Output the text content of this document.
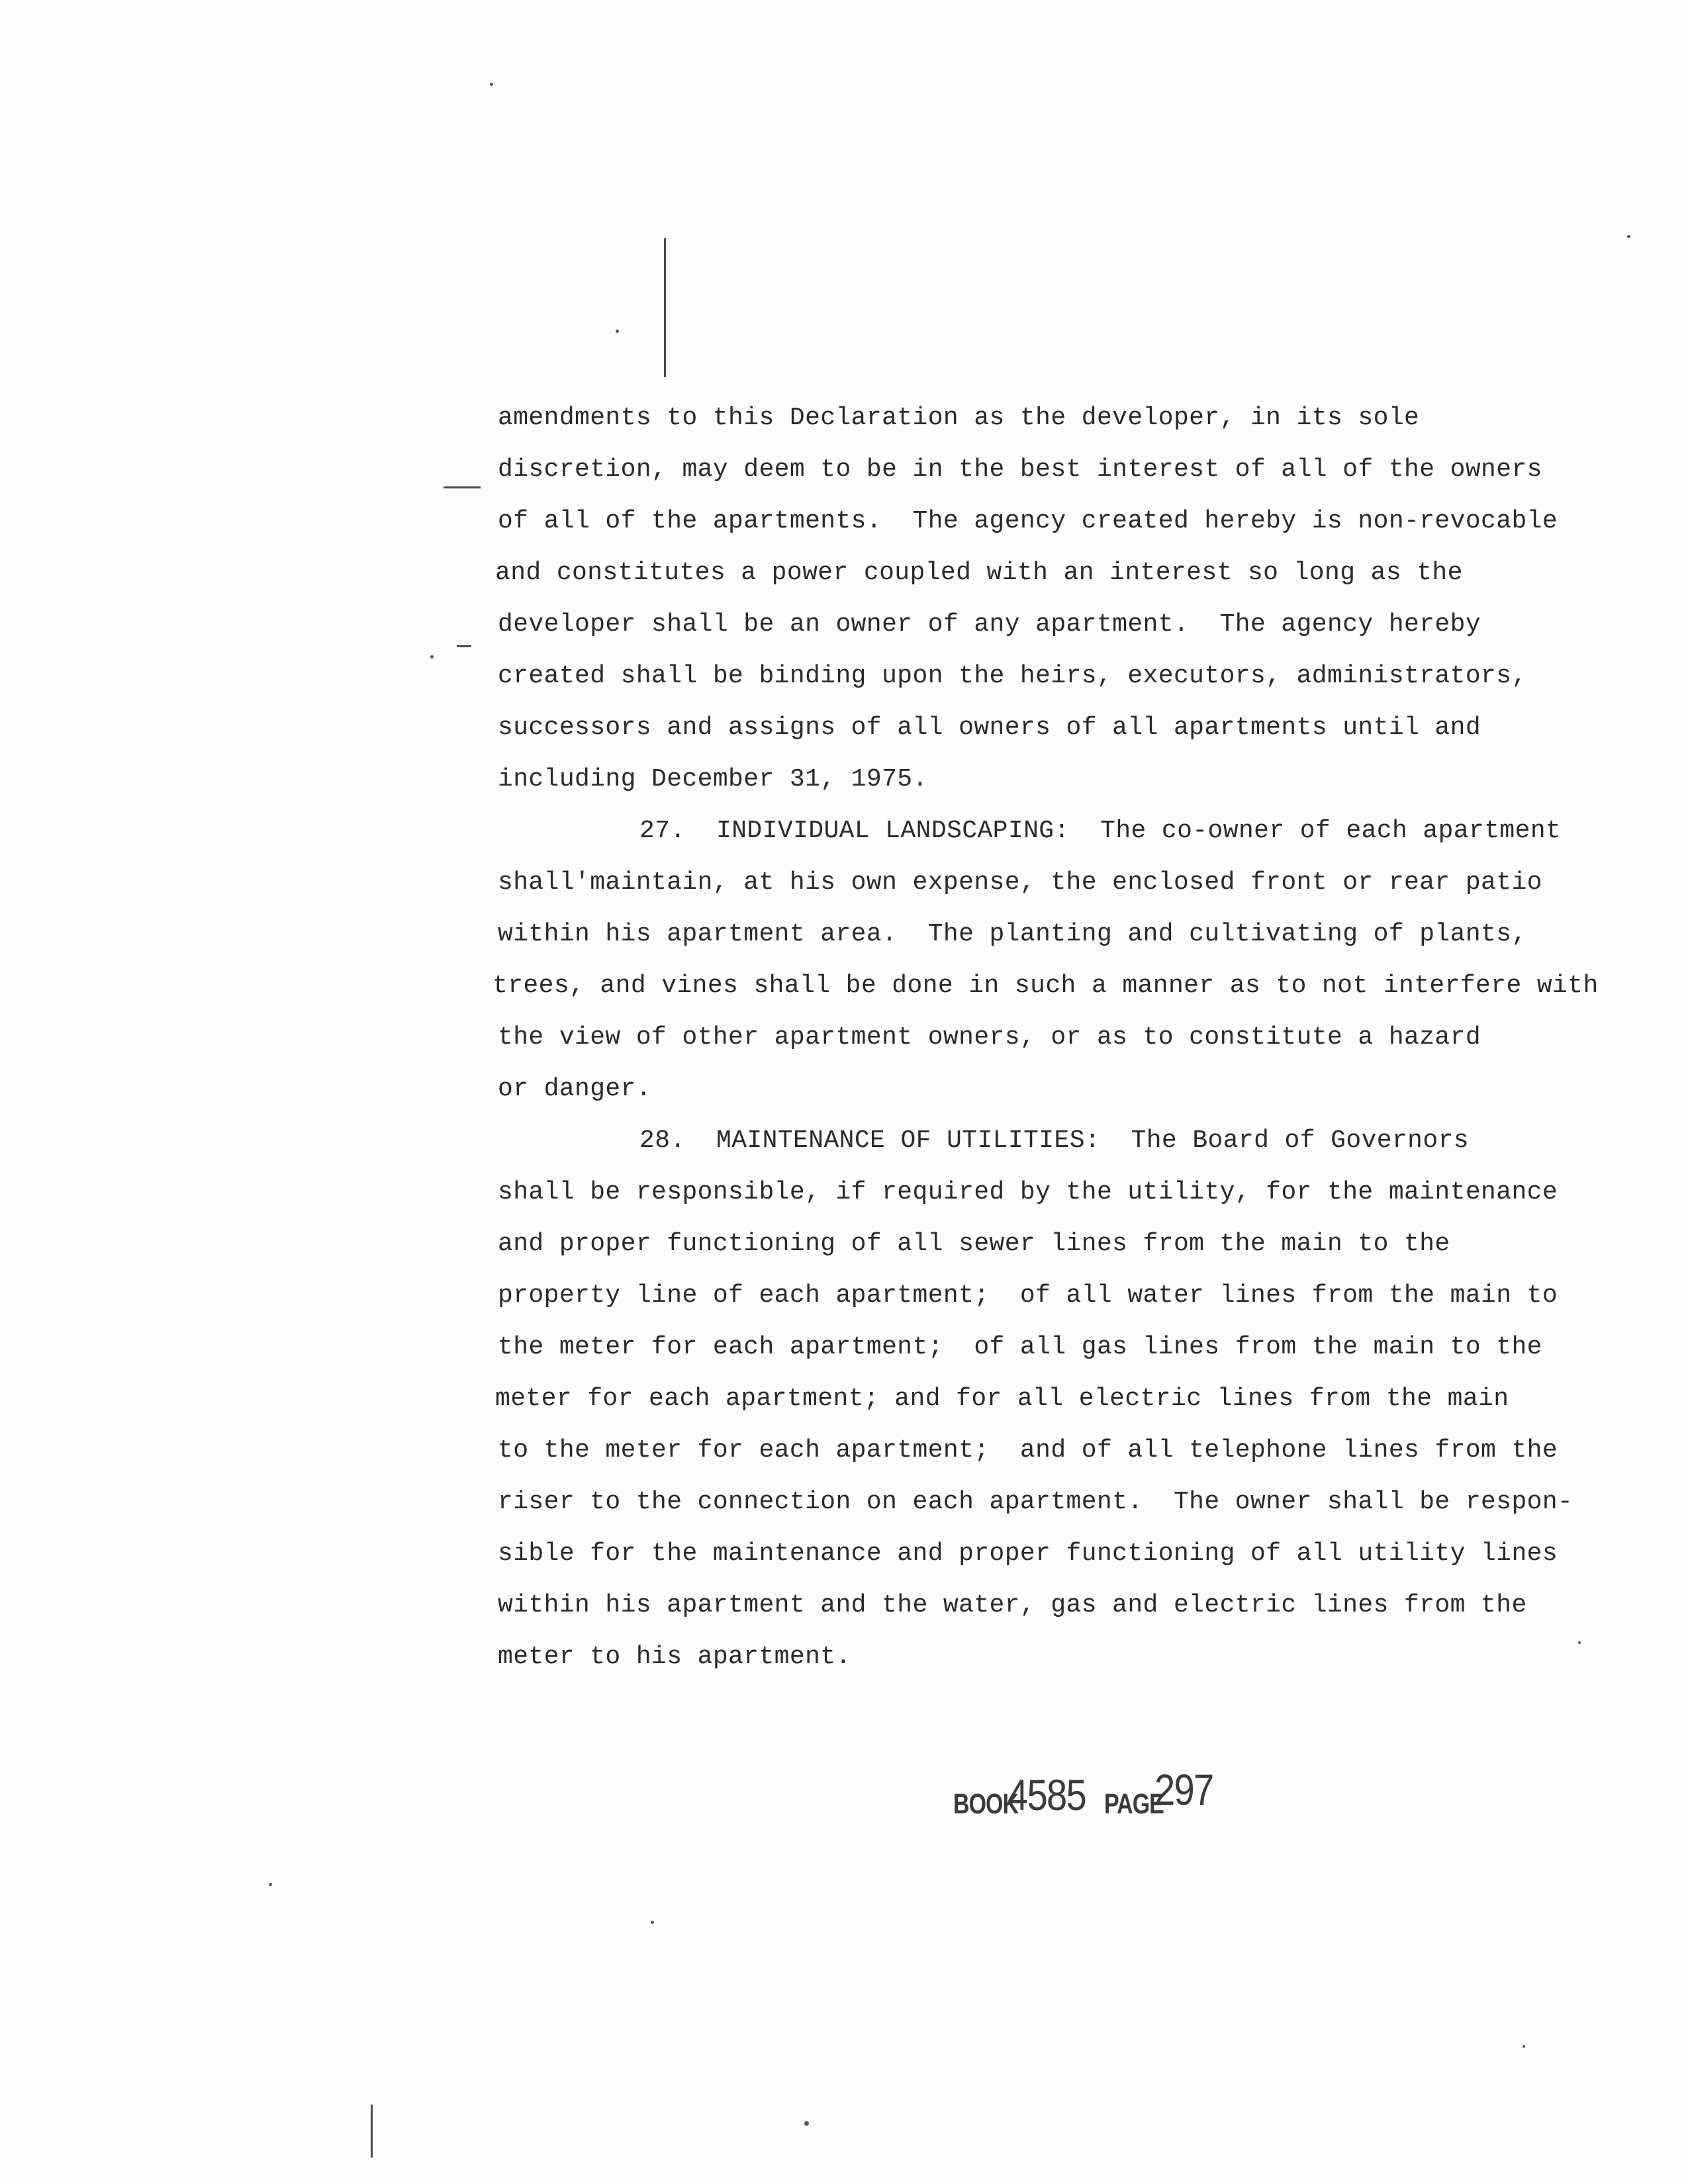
amendments to this Declaration as the developer, in its sole
discretion, may deem to be in the best interest of all of the owners
of all of the apartments.  The agency created hereby is non-revocable
and constitutes a power coupled with an interest so long as the
developer shall be an owner of any apartment.  The agency hereby
created shall be binding upon the heirs, executors, administrators,
successors and assigns of all owners of all apartments until and
including December 31, 1975.
27.  INDIVIDUAL LANDSCAPING:  The co-owner of each apartment
shall'maintain, at his own expense, the enclosed front or rear patio
within his apartment area.  The planting and cultivating of plants,
trees, and vines shall be done in such a manner as to not interfere with
the view of other apartment owners, or as to constitute a hazard
or danger.
28.  MAINTENANCE OF UTILITIES:  The Board of Governors
shall be responsible, if required by the utility, for the maintenance
and proper functioning of all sewer lines from the main to the
property line of each apartment;  of all water lines from the main to
the meter for each apartment;  of all gas lines from the main to the
meter for each apartment; and for all electric lines from the main
to the meter for each apartment;  and of all telephone lines from the
riser to the connection on each apartment.  The owner shall be respon-
sible for the maintenance and proper functioning of all utility lines
within his apartment and the water, gas and electric lines from the
meter to his apartment.
BOOK
4585 PAGE
297
